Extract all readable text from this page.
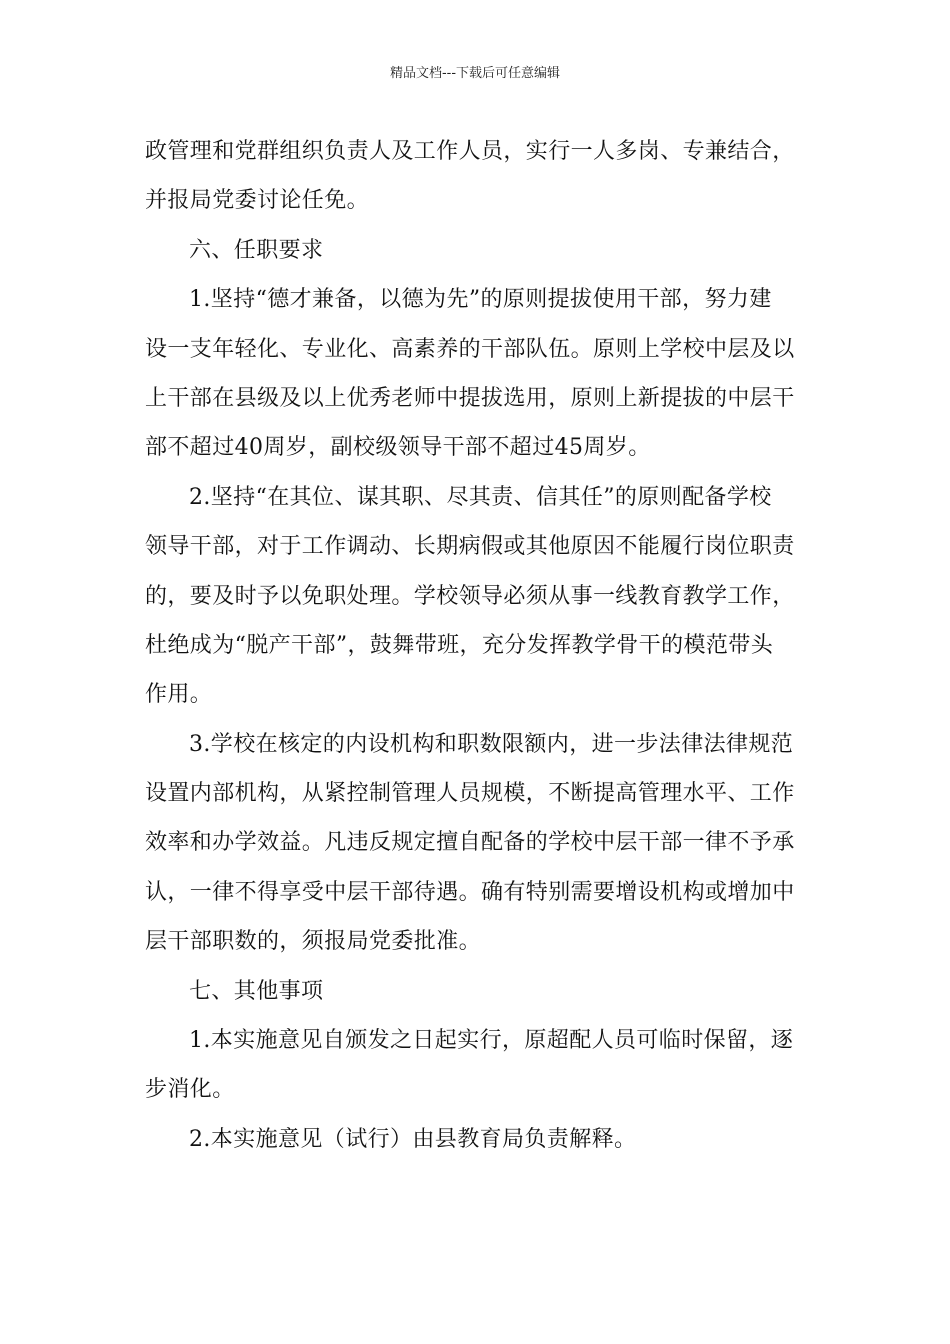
精品文档---下载后可任意编辑
政管理和党群组织负责人及工作人员，实行一人多岗、专兼结合，
并报局党委讨论任免。
六、任职要求
1.坚持“德才兼备，以德为先”的原则提拔使用干部，努力建
设一支年轻化、专业化、高素养的干部队伍。原则上学校中层及以
上干部在县级及以上优秀老师中提拔选用，原则上新提拔的中层干
部不超过40周岁，副校级领导干部不超过45周岁。
2.坚持“在其位、谋其职、尽其责、信其任”的原则配备学校
领导干部，对于工作调动、长期病假或其他原因不能履行岗位职责
的，要及时予以免职处理。学校领导必须从事一线教育教学工作，
杜绝成为“脱产干部”，鼓舞带班，充分发挥教学骨干的模范带头
作用。
3.学校在核定的内设机构和职数限额内，进一步法律法律规范
设置内部机构，从紧控制管理人员规模，不断提高管理水平、工作
效率和办学效益。凡违反规定擅自配备的学校中层干部一律不予承
认，一律不得享受中层干部待遇。确有特别需要增设机构或增加中
层干部职数的，须报局党委批准。
七、其他事项
1.本实施意见自颁发之日起实行，原超配人员可临时保留，逐
步消化。
2.本实施意见（试行）由县教育局负责解释。
